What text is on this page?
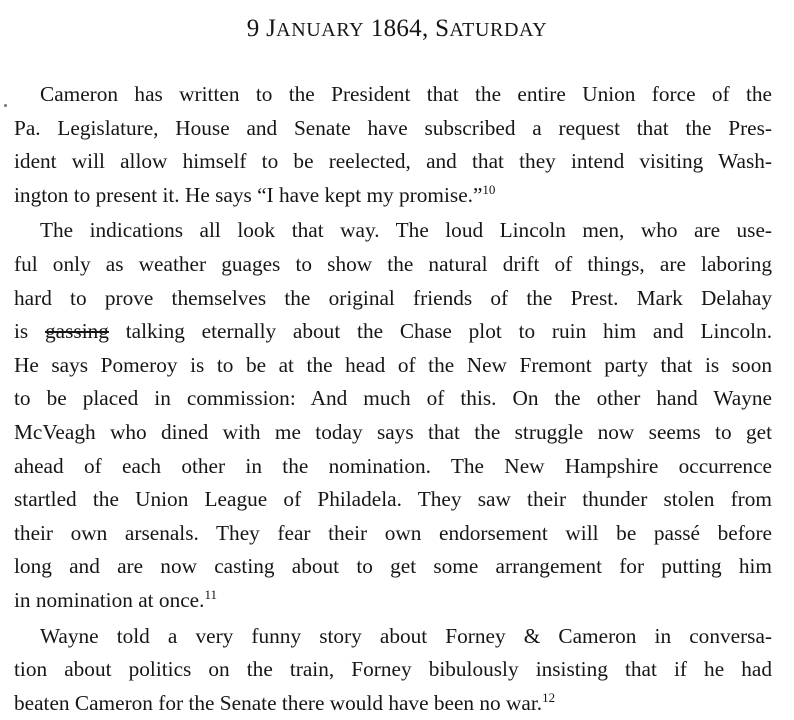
9 JANUARY 1864, SATURDAY
Cameron has written to the President that the entire Union force of the
Pa. Legislature, House and Senate have subscribed a request that the Pres-
ident will allow himself to be reelected, and that they intend visiting Wash-
ington to present it. He says “I have kept my promise.”$^{10}$
The indications all look that way. The loud Lincoln men, who are use-
ful only as weather guages to show the natural drift of things, are laboring
hard to prove themselves the original friends of the Prest. Mark Delahay
is gassing talking eternally about the Chase plot to ruin him and Lincoln.
He says Pomeroy is to be at the head of the New Fremont party that is soon
to be placed in commission: And much of this. On the other hand Wayne
McVeagh who dined with me today says that the struggle now seems to get
ahead of each other in the nomination. The New Hampshire occurrence
startled the Union League of Philadela. They saw their thunder stolen from
their own arsenals. They fear their own endorsement will be passé before
long and are now casting about to get some arrangement for putting him
in nomination at once.$^{11}$
Wayne told a very funny story about Forney & Cameron in conversa-
tion about politics on the train, Forney bibulously insisting that if he had
beaten Cameron for the Senate there would have been no war.$^{12}$
